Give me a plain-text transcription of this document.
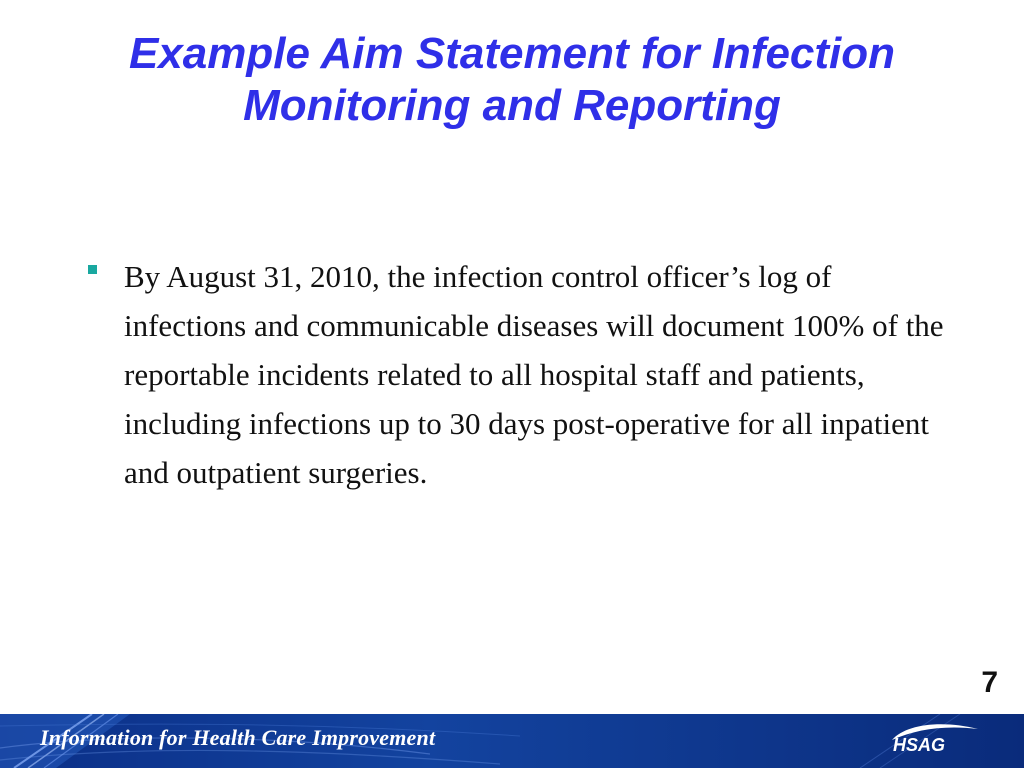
Example Aim Statement for Infection
Monitoring and Reporting
By August 31, 2010, the infection control officer’s log of infections and communicable diseases will document 100% of the reportable incidents related to all hospital staff and patients, including infections up to 30 days post-operative for all inpatient and outpatient surgeries.
7
Information for Health Care Improvement	HSAG
